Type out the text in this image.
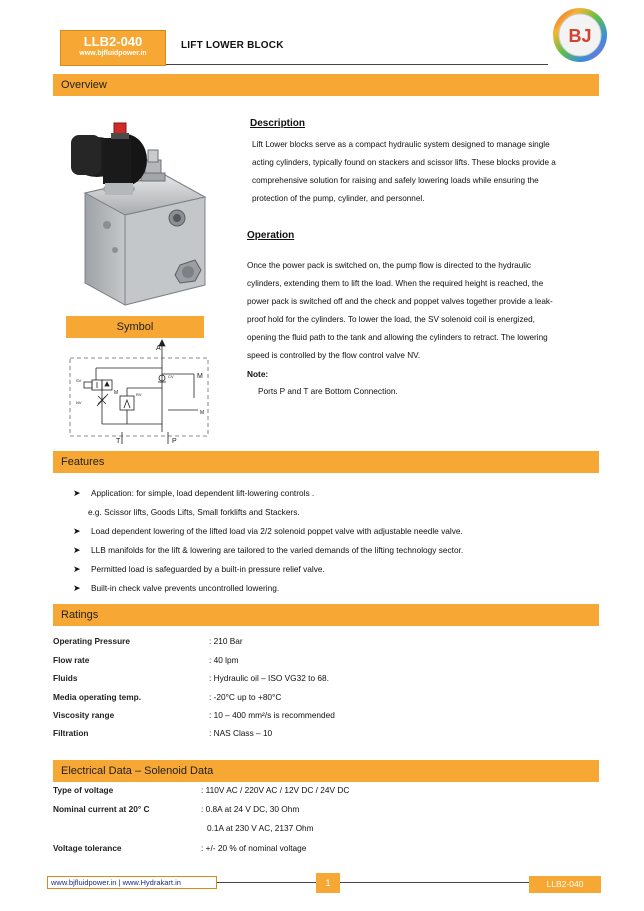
LLB2-040
www.bjfluidpower.in
LIFT LOWER BLOCK	BJ
Overview
Description
Lift Lower blocks serve as a compact hydraulic system designed to manage single
acting cylinders, typically found on stackers and scissor lifts. These blocks provide a
comprehensive solution for raising and safely lowering loads while ensuring the
protection of the pump, cylinder, and personnel.
Operation
Once the power pack is switched on, the pump flow is directed to the hydraulic
cylinders, extending them to lift the load. When the required height is reached, the
power pack is switched off and the check and poppet valves together provide a leak-
proof hold for the cylinders. To lower the load, the SV solenoid coil is energized,
opening the fluid path to the tank and allowing the cylinders to retract. The lowering
speed is controlled by the flow control valve NV.
Note:
Ports P and T are Bottom Connection.
Symbol
A
T	P
M
SV
NV
RV
CV
M
M
Features
➤ Application: for simple, load dependent lift-lowering controls .
e.g. Scissor lifts, Goods Lifts, Small forklifts and Stackers.
➤ Load dependent lowering of the lifted load via 2/2 solenoid poppet valve with adjustable needle valve.
➤ LLB manifolds for the lift & lowering are tailored to the varied demands of the lifting technology sector.
➤ Permitted load is safeguarded by a built-in pressure relief valve.
➤ Built-in check valve prevents uncontrolled lowering.
Ratings
Operating Pressure	: 210 Bar
Flow rate	: 40 lpm
Fluids	: Hydraulic oil – ISO VG32 to 68.
Media operating temp.	: -20°C up to +80°C
Viscosity range	: 10 – 400 mm²/s is recommended
Filtration	: NAS Class – 10
Electrical Data – Solenoid Data
Type of voltage	: 110V AC / 220V AC / 12V DC / 24V DC
Nominal current at 20° C	: 0.8A at 24 V DC, 30 Ohm
0.1A at 230 V AC, 2137 Ohm
Voltage tolerance	: +/- 20 % of nominal voltage
www.bjfluidpower.in | www.Hydrakart.in	1	LLB2-040
